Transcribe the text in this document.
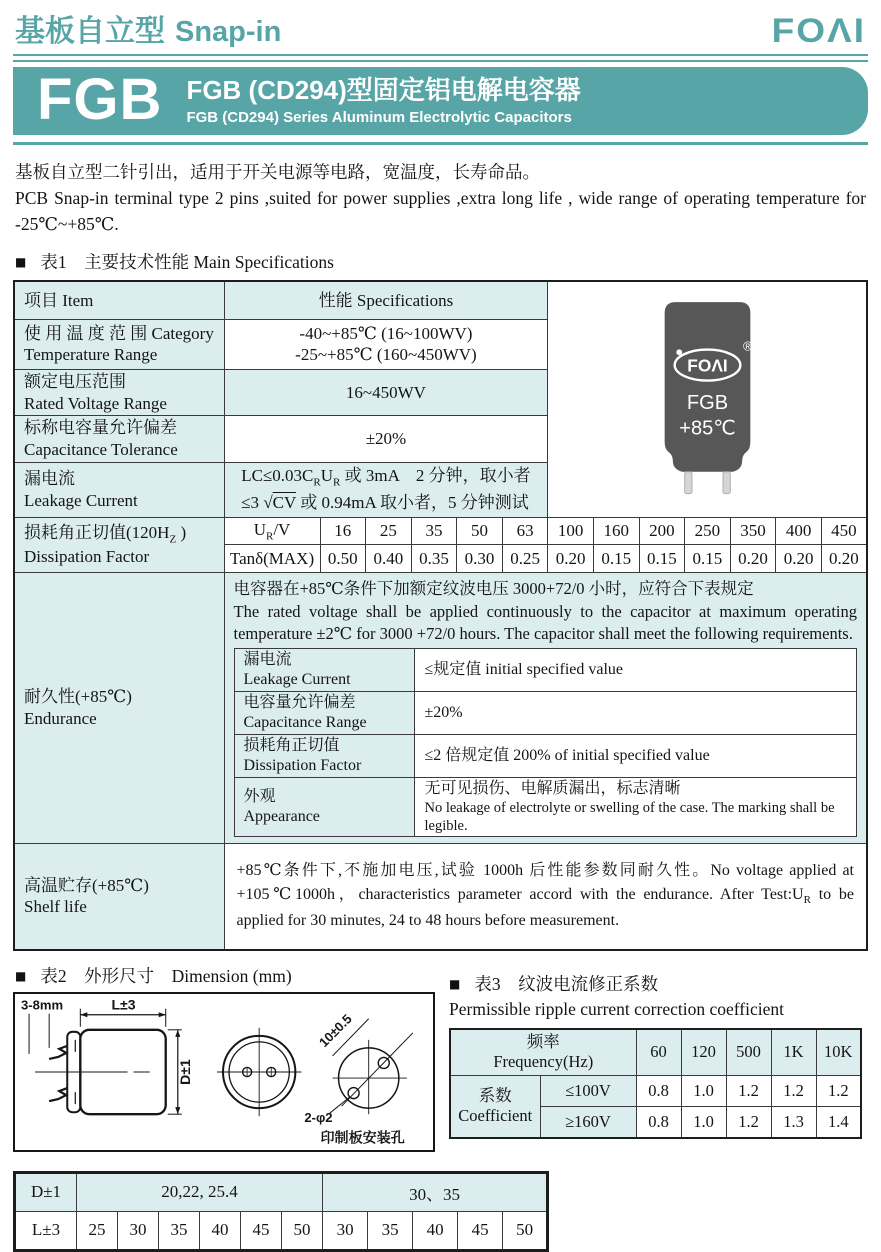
基板自立型 Snap-in	FOΛI
FGB FGB (CD294)型固定铝电解电容器
FGB (CD294) Series Aluminum Electrolytic Capacitors
基板自立型二针引出，适用于开关电源等电路，宽温度，长寿命品。
PCB Snap-in terminal type 2 pins ,suited for power supplies ,extra long life , wide range of operating temperature for -25℃~+85℃.
■ 表1　主要技术性能 Main Specifications
项目 Item	性能 Specifications	
FOΛI
®
FGB
+85℃

使 用 温 度 范 围 Category
Temperature Range

-40~+85℃ (16~100WV)
-25~+85℃ (160~450WV)

额定电压范围
Rated Voltage Range
	16~450WV

标称电容量允许偏差
Capacitance Tolerance
	±20%

漏电流
Leakage Current

$LC\le 0.03C_RU_R$ 或 3mA　2 分钟，取小者
≤3 √CV 或 0.94mA 取小者，5 分钟测试

损耗角正切值($120H_Z$ )
Dissipation Factor
	$U_R/V$	16	25	35	50	63	100	160	200	250	350	400	450
Tanδ(MAX)	0.50	0.40	0.35	0.30	0.25	0.20	0.15	0.15	0.15	0.20	0.20	0.20

耐久性(+85℃)
Endurance

电容器在+85℃条件下加额定纹波电压 3000+72/0 小时，应符合下表规定
The rated voltage shall be applied continuously to the capacitor at maximum operating temperature ±2℃ for 3000 +72/0 hours. The capacitor shall meet the following requirements.
漏电流
Leakage Current
	≤规定值 initial specified value

电容量允许偏差
Capacitance Range
	±20%

损耗角正切值
Dissipation Factor
	≤2 倍规定值 200% of initial specified value

外观
Appearance

无可见损伤、电解质漏出，标志清晰
No leakage of electrolyte or swelling of the case. The marking shall be legible.

高温贮存(+85℃)
Shelf life

+85℃条件下,不施加电压,试验 1000h 后性能参数同耐久性。No voltage applied at +105℃1000h，characteristics parameter accord with the endurance. After $Test:U_R$ to be applied for 30 minutes, 24 to 48 hours before measurement.
■ 表2　外形尺寸　Dimension (mm)
3-8mm	L±3
D±1
10±0.5
2-φ2
印制板安装孔
■ 表3　纹波电流修正系数
Permissible ripple current correction coefficient
频率
Frequency(Hz)		60	120	500	1K	10K

系数
Coefficient	≤100V	0.8	1.0	1.2	1.2	1.2
	≥160V	0.8	1.0	1.2	1.3	1.4
D±1	20,22, 25.4						30、35				
L±3	25	30	35	40	45	50	30	35	40	45	50
